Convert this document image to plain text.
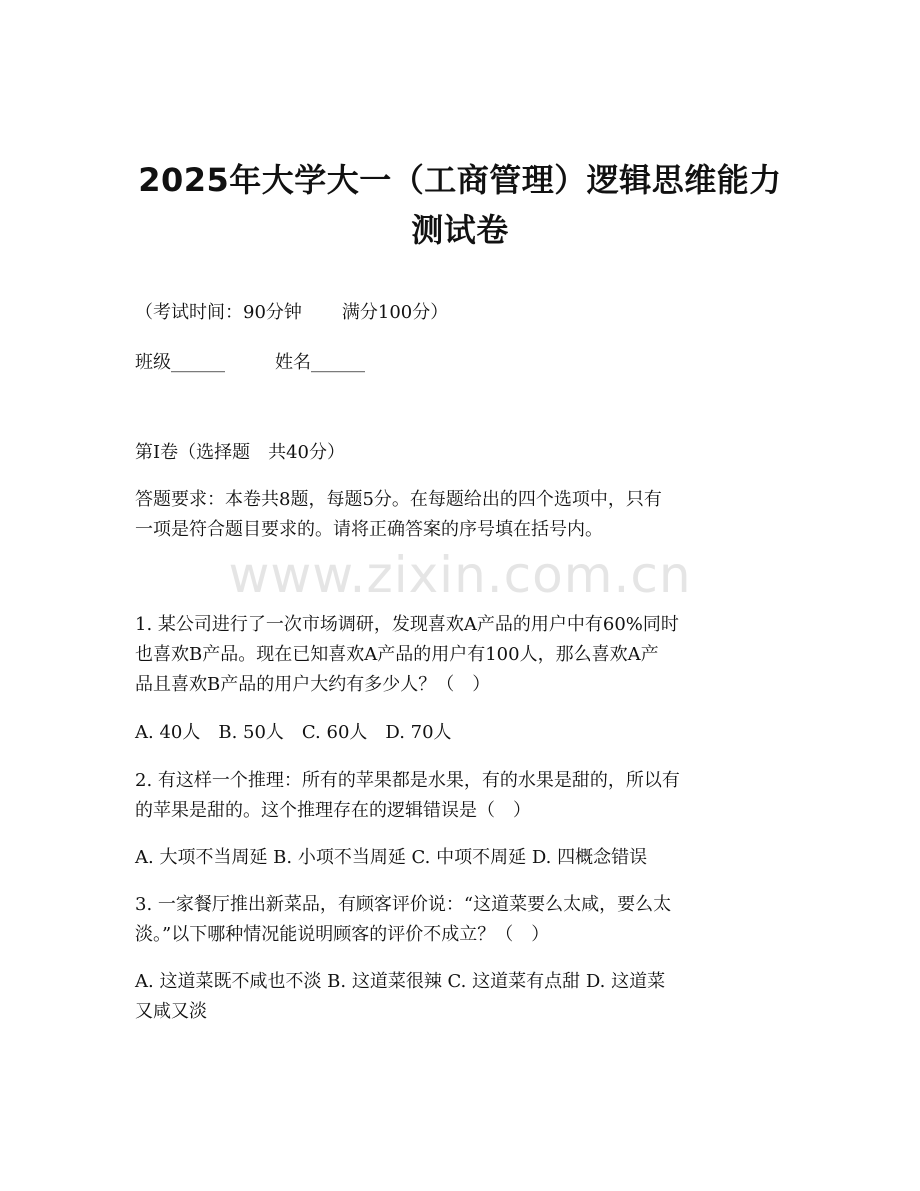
2025年大学大一（工商管理）逻辑思维能力
测试卷
（考试时间：90分钟 满分100分）
班级______	姓名______
第I卷（选择题　共40分）
答题要求：本卷共8题，每题5分。在每题给出的四个选项中，只有
一项是符合题目要求的。请将正确答案的序号填在括号内。
www.zixin.com.cn
1. 某公司进行了一次市场调研，发现喜欢A产品的用户中有60%同时
也喜欢B产品。现在已知喜欢A产品的用户有100人，那么喜欢A产
品且喜欢B产品的用户大约有多少人？（　）
A. 40人　B. 50人　C. 60人　D. 70人
2. 有这样一个推理：所有的苹果都是水果，有的水果是甜的，所以有
的苹果是甜的。这个推理存在的逻辑错误是（　）
A. 大项不当周延 B. 小项不当周延 C. 中项不周延 D. 四概念错误
3. 一家餐厅推出新菜品，有顾客评价说：“这道菜要么太咸，要么太
淡。”以下哪种情况能说明顾客的评价不成立？（　）
A. 这道菜既不咸也不淡 B. 这道菜很辣 C. 这道菜有点甜 D. 这道菜
又咸又淡
